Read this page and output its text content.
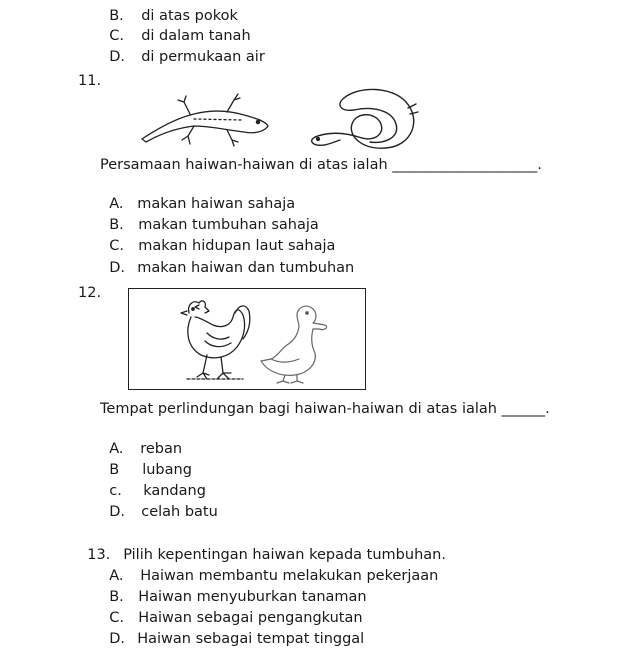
B. di atas pokok

C. di dalam tanah

D. di permukaan air

11.
Persamaan haiwan-haiwan di atas ialah ____________________.

A. makan haiwan sahaja

B. makan tumbuhan sahaja

C. makan hidupan laut sahaja

D. makan haiwan dan tumbuhan

12.
Tempat perlindungan bagi haiwan-haiwan di atas ialah ______.

A. reban

B lubang

c. kandang

D. celah batu

13. Pilih kepentingan haiwan kepada tumbuhan.

A. Haiwan membantu melakukan pekerjaan

B. Haiwan menyuburkan tanaman

C. Haiwan sebagai pengangkutan

D. Haiwan sebagai tempat tinggal
